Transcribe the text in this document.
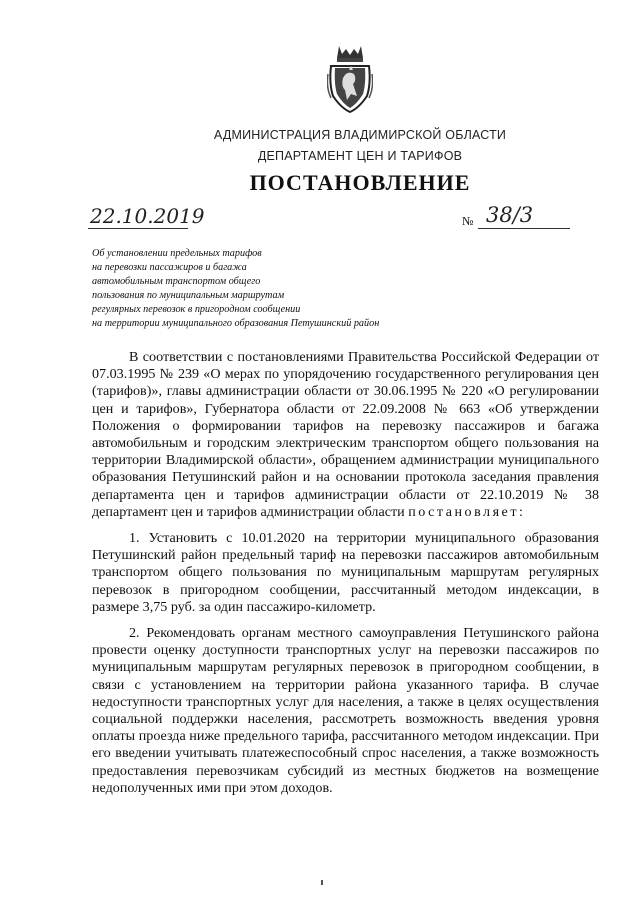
АДМИНИСТРАЦИЯ ВЛАДИМИРСКОЙ ОБЛАСТИ
ДЕПАРТАМЕНТ ЦЕН И ТАРИФОВ
ПОСТАНОВЛЕНИЕ
22.10.2019	№ 38/3
Об установлении предельных тарифов
на перевозки пассажиров и багажа
автомобильным транспортом общего
пользования по муниципальным маршрутам
регулярных перевозок в пригородном сообщении
на территории муниципального образования Петушинский район

В соответствии с постановлениями Правительства Российской Федерации от 07.03.1995 № 239 «О мерах по упорядочению государственного регулирования цен (тарифов)», главы администрации области от 30.06.1995 № 220 «О регулировании цен и тарифов», Губернатора области от 22.09.2008 № 663 «Об утверждении Положения о формировании тарифов на перевозку пассажиров и багажа автомобильным и городским электрическим транспортом общего пользования на территории Владимирской области», обращением администрации муниципального образования Петушинский район и на основании протокола заседания правления департамента цен и тарифов администрации области от 22.10.2019 № 38 департамент цен и тарифов администрации области постановляет:

1. Установить с 10.01.2020 на территории муниципального образования Петушинский район предельный тариф на перевозки пассажиров автомобильным транспортом общего пользования по муниципальным маршрутам регулярных перевозок в пригородном сообщении, рассчитанный методом индексации, в размере 3,75 руб. за один пассажиро-километр.

2. Рекомендовать органам местного самоуправления Петушинского района провести оценку доступности транспортных услуг на перевозки пассажиров по муниципальным маршрутам регулярных перевозок в пригородном сообщении, в связи с установлением на территории района указанного тарифа. В случае недоступности транспортных услуг для населения, а также в целях осуществления социальной поддержки населения, рассмотреть возможность введения уровня оплаты проезда ниже предельного тарифа, рассчитанного методом индексации. При его введении учитывать платежеспособный спрос населения, а также возможность предоставления перевозчикам субсидий из местных бюджетов на возмещение недополученных ими при этом доходов.
